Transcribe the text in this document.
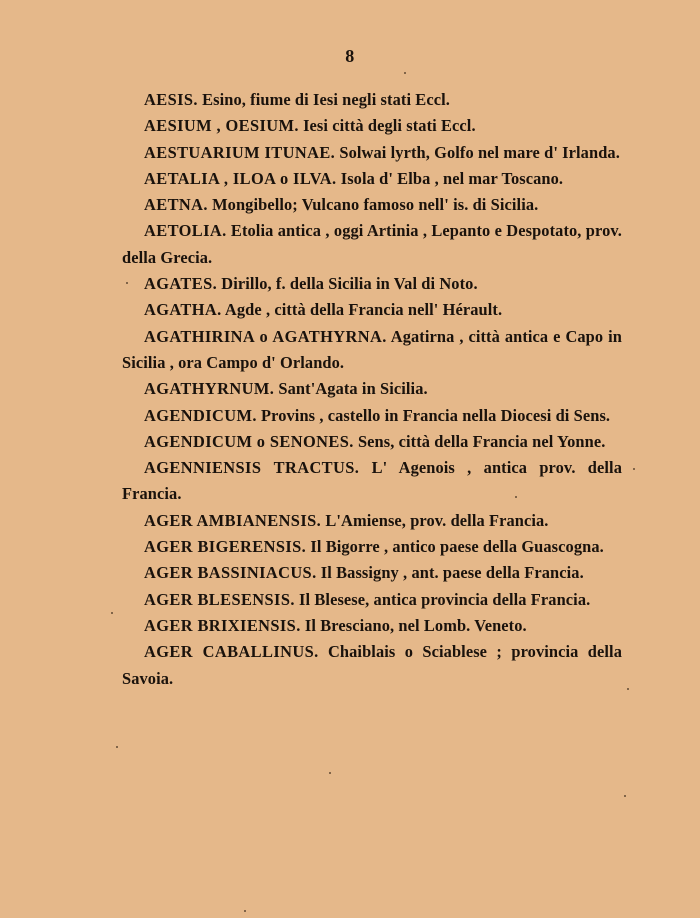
8

AESIS. Esino, fiume di Iesi negli stati Eccl.

AESIUM , OESIUM. Iesi città degli stati Eccl.

AESTUARIUM ITUNAE. Solwai lyrth, Golfo nel mare d' Irlanda.

AETALIA , ILOA o ILVA. Isola d' Elba , nel mar Toscano.

AETNA. Mongibello; Vulcano famoso nell' is. di Sicilia.

AETOLIA. Etolia antica , oggi Artinia , Lepanto e Despotato, prov. della Grecia.

AGATES. Dirillo, f. della Sicilia in Val di Noto.

AGATHA. Agde , città della Francia nell' Hérault.

AGATHIRINA o AGATHYRNA. Agatirna , città antica e Capo in Sicilia , ora Campo d' Orlando.

AGATHYRNUM. Sant'Agata in Sicilia.

AGENDICUM. Provins , castello in Francia nella Diocesi di Sens.

AGENDICUM o SENONES. Sens, città della Francia nel Yonne.

AGENNIENSIS TRACTUS. L' Agenois , antica prov. della Francia.

AGER AMBIANENSIS. L'Amiense, prov. della Francia.

AGER BIGERENSIS. Il Bigorre , antico paese della Guascogna.

AGER BASSINIACUS. Il Bassigny , ant. paese della Francia.

AGER BLESENSIS. Il Blesese, antica provincia della Francia.

AGER BRIXIENSIS. Il Bresciano, nel Lomb. Veneto.

AGER CABALLINUS. Chaiblais o Sciablese ; provincia della Savoia.
